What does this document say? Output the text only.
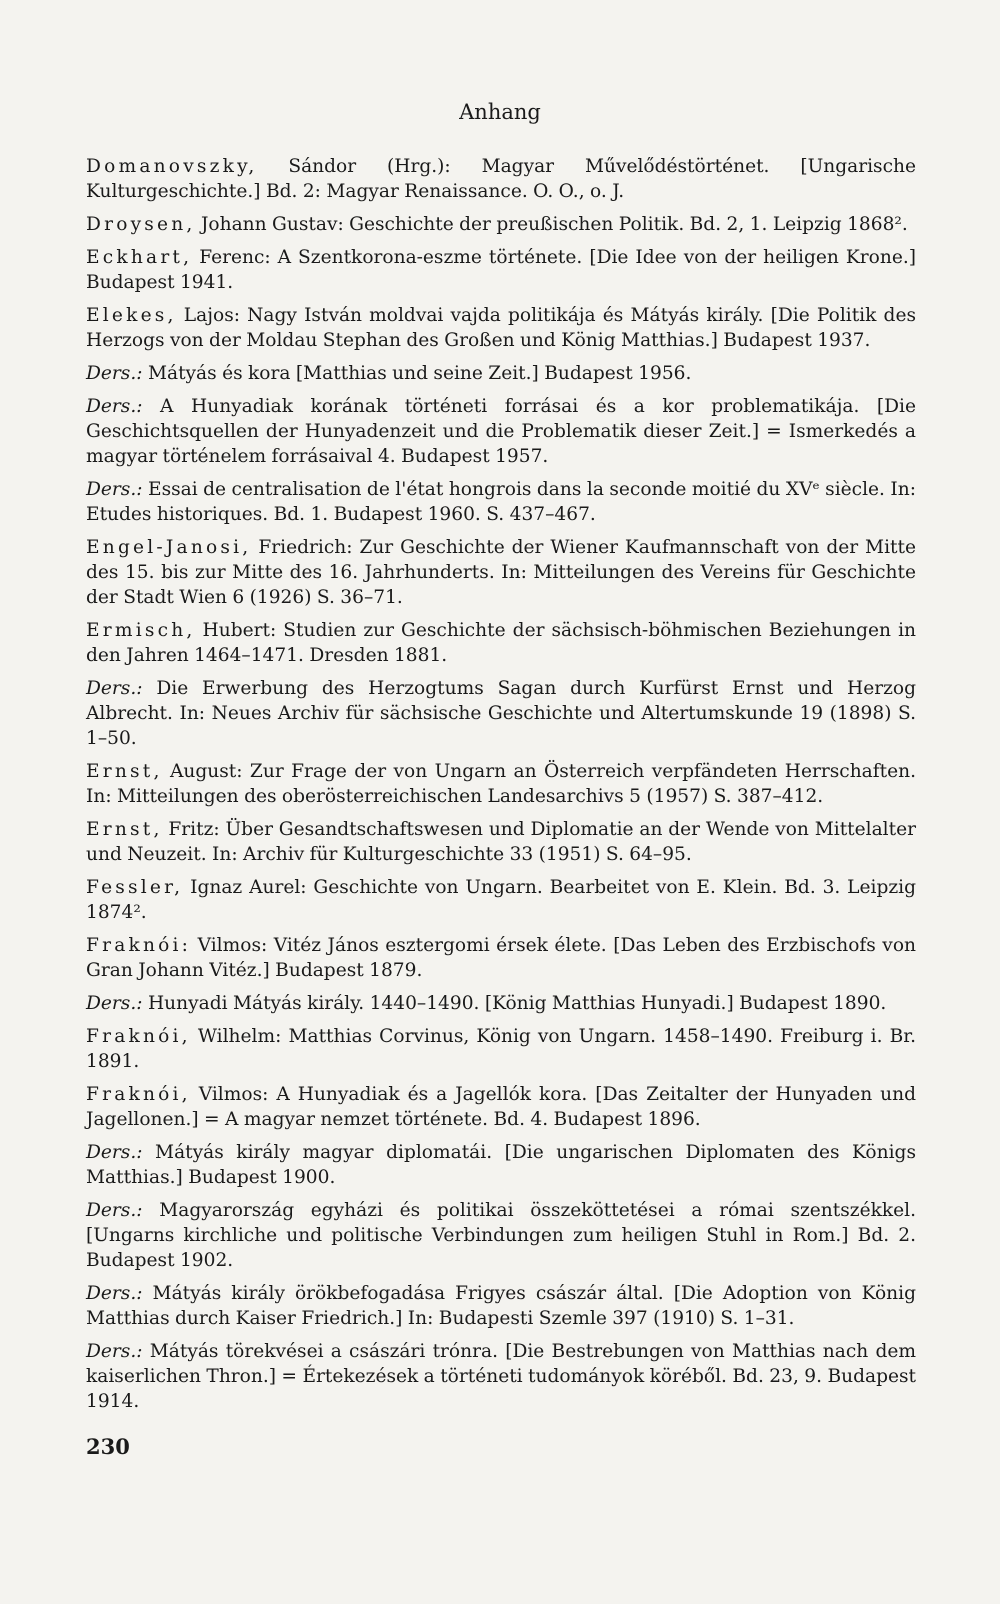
Anhang

Domanovszky, Sándor (Hrg.): Magyar Művelődéstörténet. [Ungarische Kulturgeschichte.] Bd. 2: Magyar Renaissance. O. O., o. J.

Droysen, Johann Gustav: Geschichte der preußischen Politik. Bd. 2, 1. Leipzig 1868².

Eckhart, Ferenc: A Szentkorona-eszme története. [Die Idee von der heiligen Krone.] Budapest 1941.

Elekes, Lajos: Nagy István moldvai vajda politikája és Mátyás király. [Die Politik des Herzogs von der Moldau Stephan des Großen und König Matthias.] Budapest 1937.

Ders.: Mátyás és kora [Matthias und seine Zeit.] Budapest 1956.

Ders.: A Hunyadiak korának történeti forrásai és a kor problematikája. [Die Geschichtsquellen der Hunyadenzeit und die Problematik dieser Zeit.] = Ismerkedés a magyar történelem forrásaival 4. Budapest 1957.

Ders.: Essai de centralisation de l'état hongrois dans la seconde moitié du XVᵉ siècle. In: Etudes historiques. Bd. 1. Budapest 1960. S. 437–467.

Engel-Janosi, Friedrich: Zur Geschichte der Wiener Kaufmannschaft von der Mitte des 15. bis zur Mitte des 16. Jahrhunderts. In: Mitteilungen des Vereins für Geschichte der Stadt Wien 6 (1926) S. 36–71.

Ermisch, Hubert: Studien zur Geschichte der sächsisch-böhmischen Beziehungen in den Jahren 1464–1471. Dresden 1881.

Ders.: Die Erwerbung des Herzogtums Sagan durch Kurfürst Ernst und Herzog Albrecht. In: Neues Archiv für sächsische Geschichte und Altertumskunde 19 (1898) S. 1–50.

Ernst, August: Zur Frage der von Ungarn an Österreich verpfändeten Herrschaften. In: Mitteilungen des oberösterreichischen Landesarchivs 5 (1957) S. 387–412.

Ernst, Fritz: Über Gesandtschaftswesen und Diplomatie an der Wende von Mittelalter und Neuzeit. In: Archiv für Kulturgeschichte 33 (1951) S. 64–95.

Fessler, Ignaz Aurel: Geschichte von Ungarn. Bearbeitet von E. Klein. Bd. 3. Leipzig 1874².

Fraknói: Vilmos: Vitéz János esztergomi érsek élete. [Das Leben des Erzbischofs von Gran Johann Vitéz.] Budapest 1879.

Ders.: Hunyadi Mátyás király. 1440–1490. [König Matthias Hunyadi.] Budapest 1890.

Fraknói, Wilhelm: Matthias Corvinus, König von Ungarn. 1458–1490. Freiburg i. Br. 1891.

Fraknói, Vilmos: A Hunyadiak és a Jagellók kora. [Das Zeitalter der Hunyaden und Jagellonen.] = A magyar nemzet története. Bd. 4. Budapest 1896.

Ders.: Mátyás király magyar diplomatái. [Die ungarischen Diplomaten des Königs Matthias.] Budapest 1900.

Ders.: Magyarország egyházi és politikai összeköttetései a római szentszékkel. [Ungarns kirchliche und politische Verbindungen zum heiligen Stuhl in Rom.] Bd. 2. Budapest 1902.

Ders.: Mátyás király örökbefogadása Frigyes császár által. [Die Adoption von König Matthias durch Kaiser Friedrich.] In: Budapesti Szemle 397 (1910) S. 1–31.

Ders.: Mátyás törekvései a császári trónra. [Die Bestrebungen von Matthias nach dem kaiserlichen Thron.] = Értekezések a történeti tudományok köréből. Bd. 23, 9. Budapest 1914.

230
